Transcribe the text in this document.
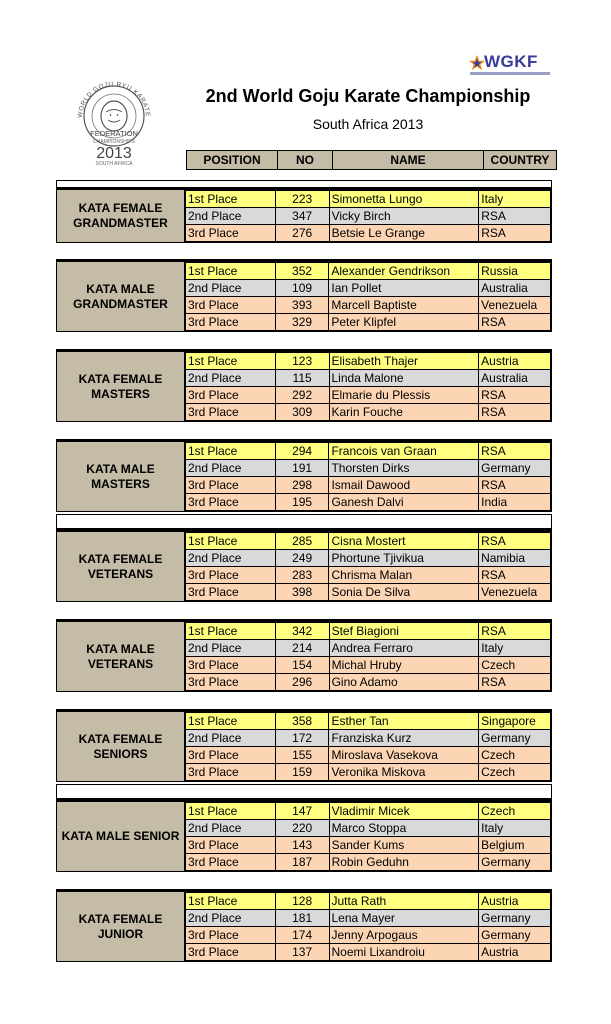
WORLD GOJU RYU KARATE
FEDERATION
CHAMPIONSHIPS
2013
SOUTH AFRICA
WGKF
2nd World Goju Karate Championship
South Africa 2013
POSITION	NO	NAME	COUNTRY
KATA FEMALE GRANDMASTER
1st Place	223	Simonetta Lungo	Italy
2nd Place	347	Vicky Birch	RSA
3rd Place	276	Betsie Le Grange	RSA
KATA MALE GRANDMASTER
1st Place	352	Alexander Gendrikson	Russia
2nd Place	109	Ian Pollet	Australia
3rd Place	393	Marcell Baptiste	Venezuela
3rd Place	329	Peter Klipfel	RSA
KATA FEMALE MASTERS
1st Place	123	Elisabeth Thajer	Austria
2nd Place	115	Linda Malone	Australia
3rd Place	292	Elmarie du Plessis	RSA
3rd Place	309	Karin Fouche	RSA
KATA MALE MASTERS
1st Place	294	Francois van Graan	RSA
2nd Place	191	Thorsten Dirks	Germany
3rd Place	298	Ismail Dawood	RSA
3rd Place	195	Ganesh Dalvi	India
KATA FEMALE VETERANS
1st Place	285	Cisna Mostert	RSA
2nd Place	249	Phortune Tjivikua	Namibia
3rd Place	283	Chrisma Malan	RSA
3rd Place	398	Sonia De Silva	Venezuela
KATA MALE VETERANS
1st Place	342	Stef Biagioni	RSA
2nd Place	214	Andrea Ferraro	Italy
3rd Place	154	Michal Hruby	Czech
3rd Place	296	Gino Adamo	RSA
KATA FEMALE SENIORS
1st Place	358	Esther Tan	Singapore
2nd Place	172	Franziska Kurz	Germany
3rd Place	155	Miroslava Vasekova	Czech
3rd Place	159	Veronika Miskova	Czech
KATA MALE SENIOR
1st Place	147	Vladimir Micek	Czech
2nd Place	220	Marco Stoppa	Italy
3rd Place	143	Sander Kums	Belgium
3rd Place	187	Robin Geduhn	Germany
KATA FEMALE JUNIOR
1st Place	128	Jutta Rath	Austria
2nd Place	181	Lena Mayer	Germany
3rd Place	174	Jenny Arpogaus	Germany
3rd Place	137	Noemi Lixandroiu	Austria
